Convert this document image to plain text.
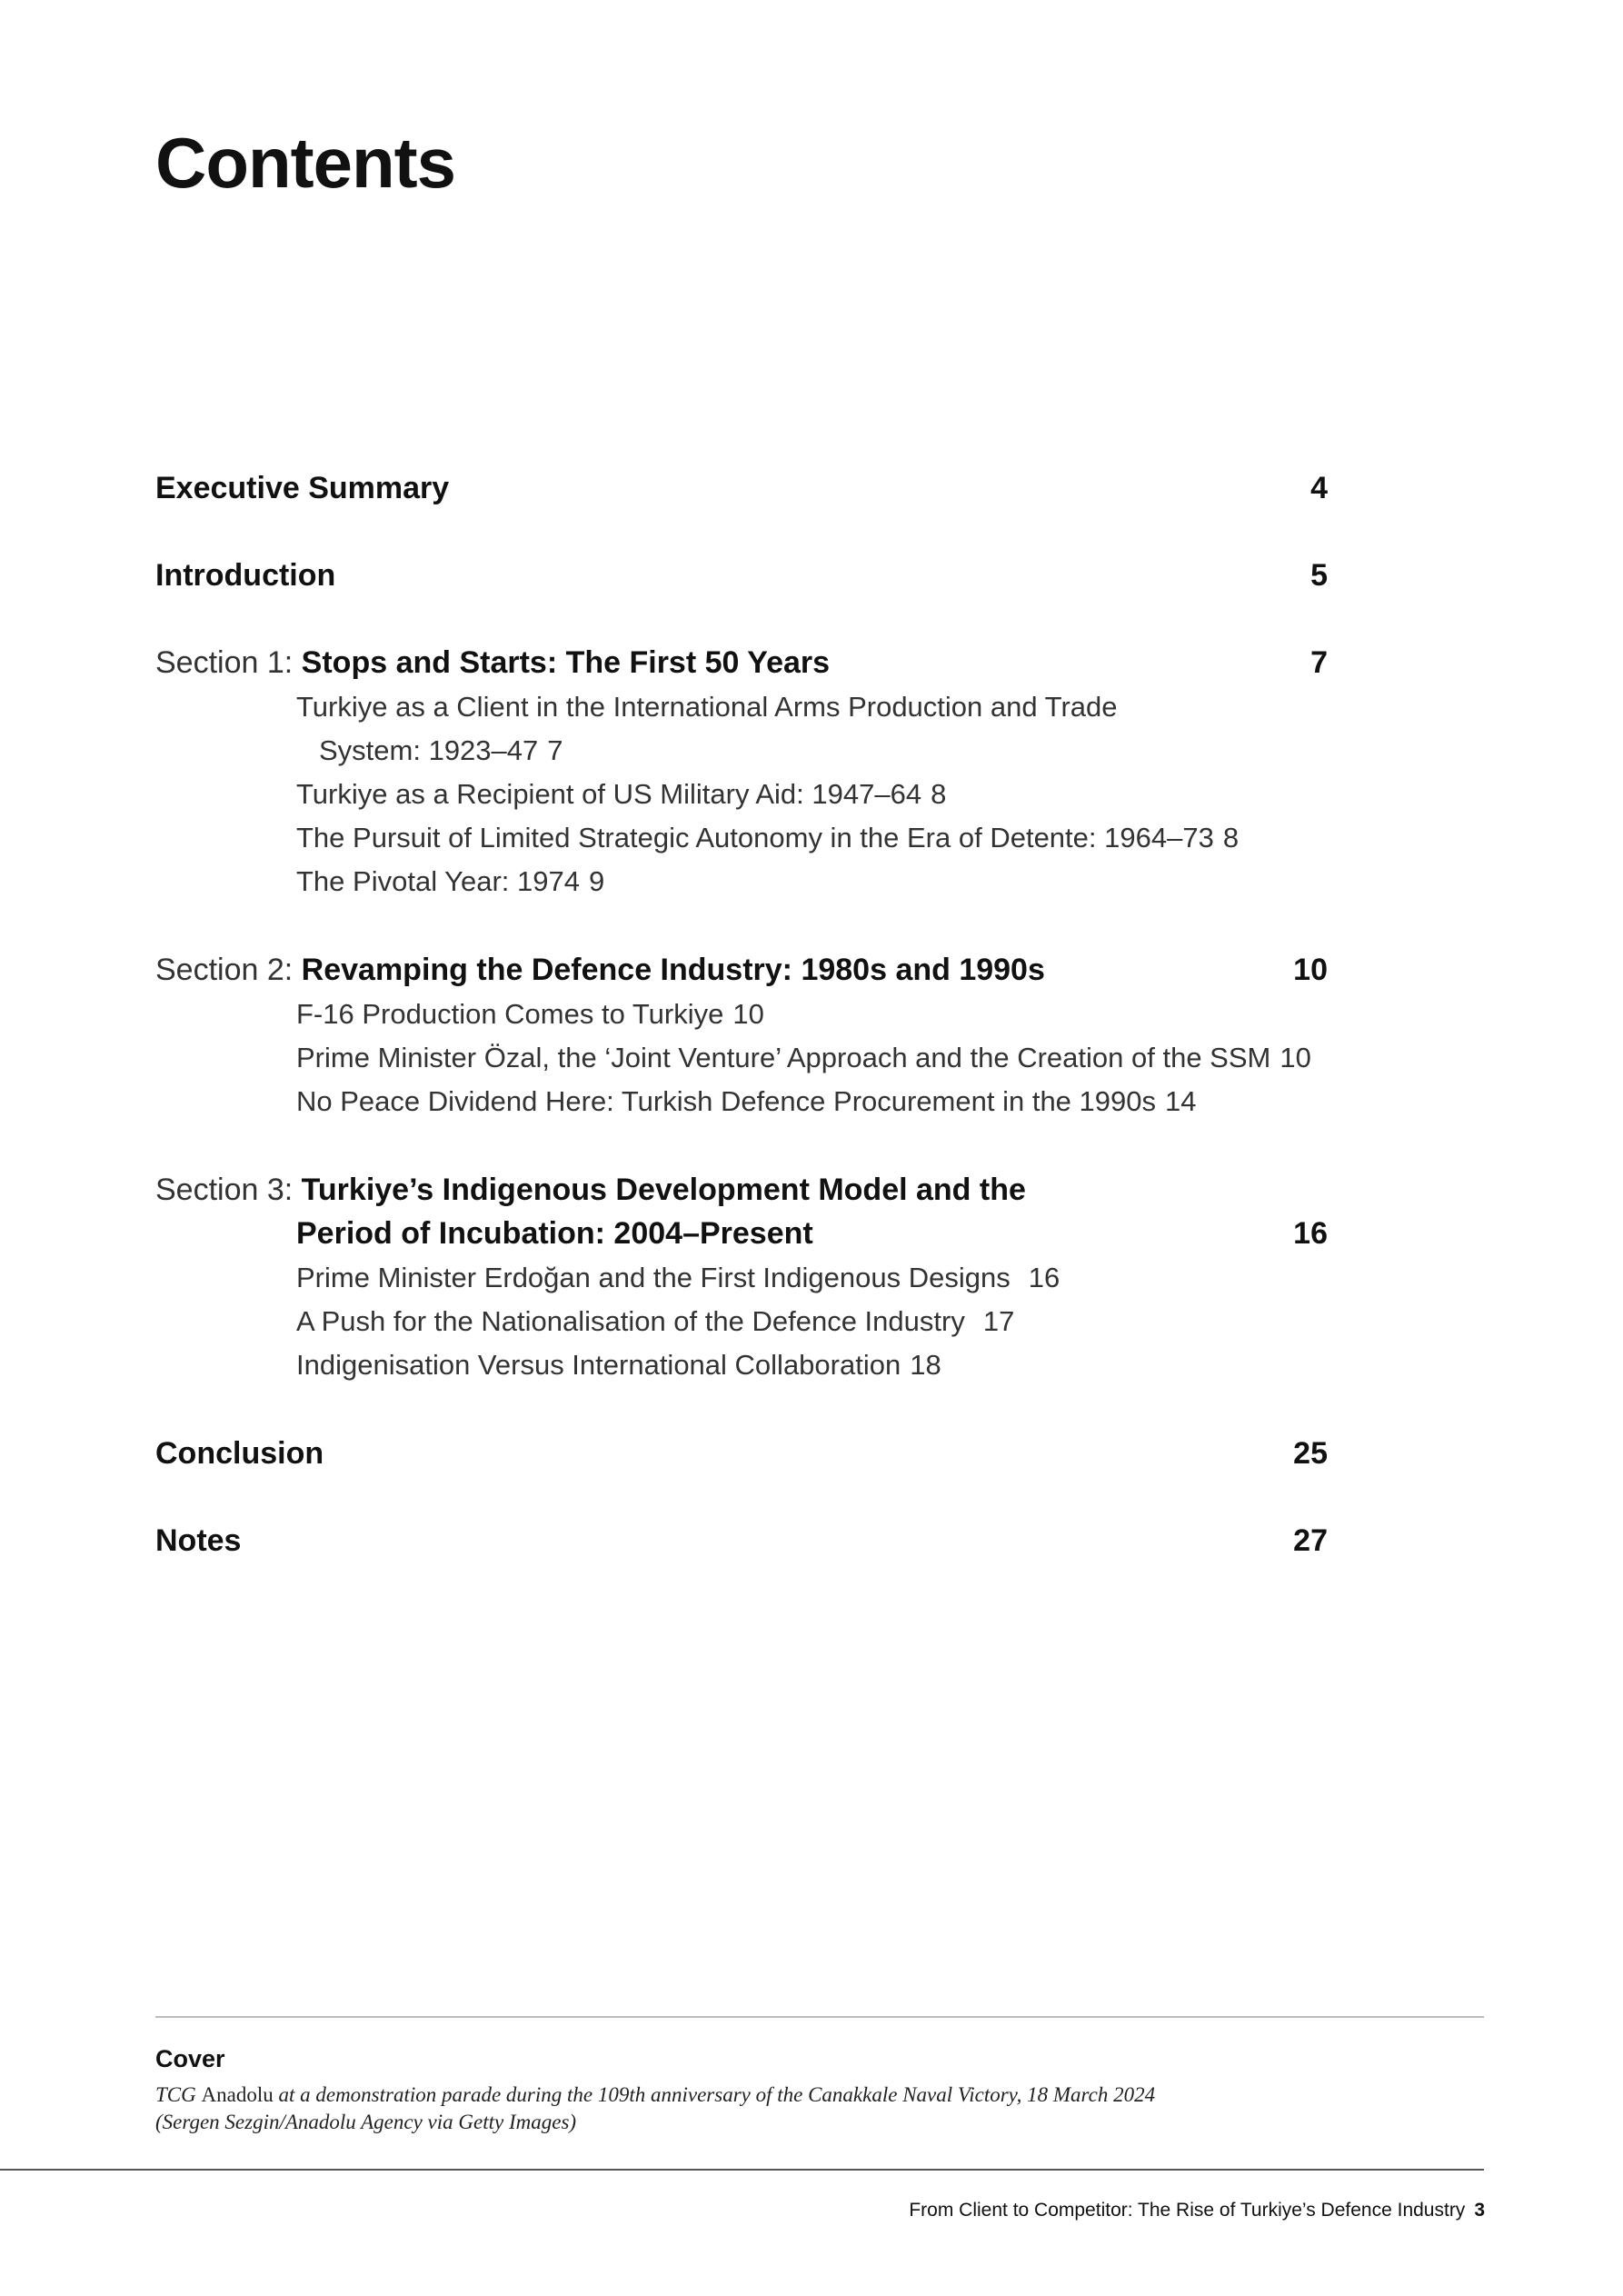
Contents
Executive Summary	4
Introduction	5
Section 1: Stops and Starts: The First 50 Years	7
Turkiye as a Client in the International Arms Production and Trade
System: 1923–47 7
Turkiye as a Recipient of US Military Aid: 1947–64 8
The Pursuit of Limited Strategic Autonomy in the Era of Detente: 1964–73 8
The Pivotal Year: 1974 9
Section 2: Revamping the Defence Industry: 1980s and 1990s	10
F-16 Production Comes to Turkiye 10
Prime Minister Özal, the ‘Joint Venture’ Approach and the Creation of the SSM 10
No Peace Dividend Here: Turkish Defence Procurement in the 1990s 14
Section 3: Turkiye’s Indigenous Development Model and the
Period of Incubation: 2004–Present	16
Prime Minister Erdoğan and the First Indigenous Designs 16
A Push for the Nationalisation of the Defence Industry 17
Indigenisation Versus International Collaboration 18
Conclusion	25
Notes	27
Cover
TCG Anadolu at a demonstration parade during the 109th anniversary of the Canakkale Naval Victory, 18 March 2024
(Sergen Sezgin/Anadolu Agency via Getty Images)
From Client to Competitor: The Rise of Turkiye’s Defence Industry 3
